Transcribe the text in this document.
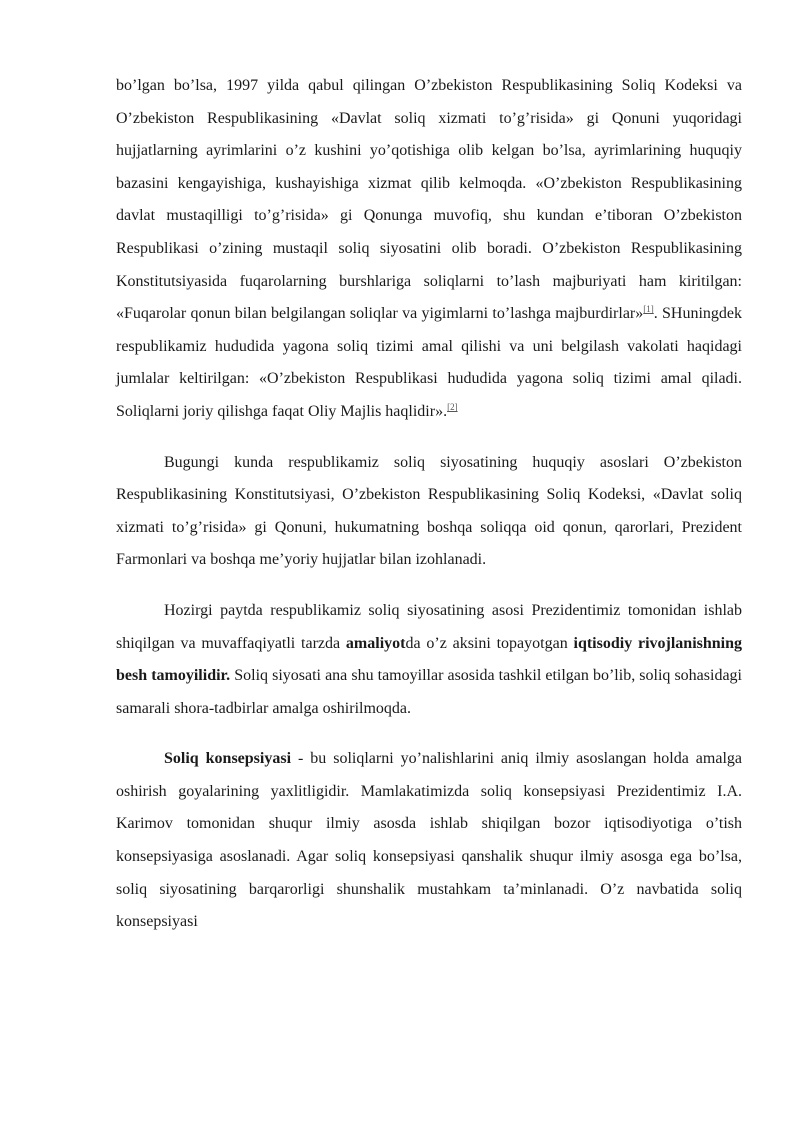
bo’lgan bo’lsa, 1997 yilda qabul qilingan O’zbekiston Respublikasining Soliq Kodeksi va O’zbekiston Respublikasining «Davlat soliq xizmati to’g’risida» gi Qonuni yuqoridagi hujjatlarning ayrimlarini o’z kushini yo’qotishiga olib kelgan bo’lsa, ayrimlarining huquqiy bazasini kengayishiga, kushayishiga xizmat qilib kelmoqda. «O’zbekiston Respublikasining davlat mustaqilligi to’g’risida» gi Qonunga muvofiq, shu kundan e’tiboran O’zbekiston Respublikasi o’zining mustaqil soliq siyosatini olib boradi. O’zbekiston Respublikasining Konstitutsiyasida fuqarolarning burshlariga soliqlarni to’lash majburiyati ham kiritilgan: «Fuqarolar qonun bilan belgilangan soliqlar va yigimlarni to’lashga majburdirlar»[1]. SHuningdek respublikamiz hududida yagona soliq tizimi amal qilishi va uni belgilash vakolati haqidagi jumlalar keltirilgan: «O’zbekiston Respublikasi hududida yagona soliq tizimi amal qiladi. Soliqlarni joriy qilishga faqat Oliy Majlis haqlidir».[2]

Bugungi kunda respublikamiz soliq siyosatining huquqiy asoslari O’zbekiston Respublikasining Konstitutsiyasi, O’zbekiston Respublikasining Soliq Kodeksi, «Davlat soliq xizmati to’g’risida» gi Qonuni, hukumatning boshqa soliqqa oid qonun, qarorlari, Prezident Farmonlari va boshqa me’yoriy hujjatlar bilan izohlanadi.

Hozirgi paytda respublikamiz soliq siyosatining asosi Prezidentimiz tomonidan ishlab shiqilgan va muvaffaqiyatli tarzda amaliyotda o’z aksini topayotgan iqtisodiy rivojlanishning besh tamoyilidir. Soliq siyosati ana shu tamoyillar asosida tashkil etilgan bo’lib, soliq sohasidagi samarali shora-tadbirlar amalga oshirilmoqda.

Soliq konsepsiyasi - bu soliqlarni yo’nalishlarini aniq ilmiy asoslangan holda amalga oshirish goyalarining yaxlitligidir. Mamlakatimizda soliq konsepsiyasi Prezidentimiz I.A. Karimov tomonidan shuqur ilmiy asosda ishlab shiqilgan bozor iqtisodiyotiga o’tish konsepsiyasiga asoslanadi. Agar soliq konsepsiyasi qanshalik shuqur ilmiy asosga ega bo’lsa, soliq siyosatining barqarorligi shunshalik mustahkam ta’minlanadi. O’z navbatida soliq konsepsiyasi
